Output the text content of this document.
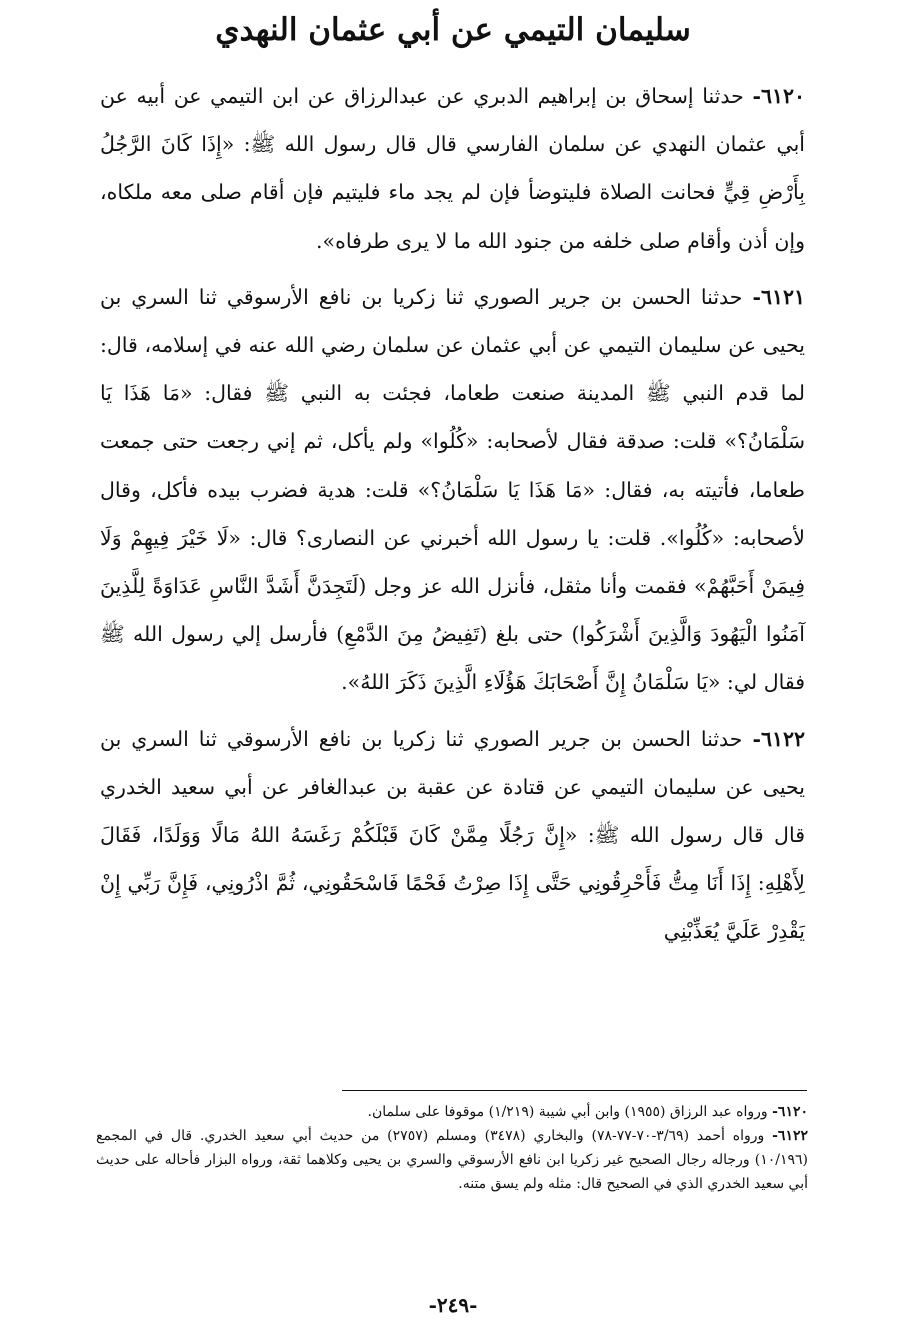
سليمان التيمي عن أبي عثمان النهدي

٦١٢٠- حدثنا إسحاق بن إبراهيم الدبري عن عبدالرزاق عن ابن التيمي عن أبيه عن أبي عثمان النهدي عن سلمان الفارسي قال قال رسول الله ﷺ: «إِذَا كَانَ الرَّجُلُ بِأَرْضِ قِيٍّ فحانت الصلاة فليتوضأ فإن لم يجد ماء فليتيم فإن أقام صلى معه ملكاه، وإن أذن وأقام صلى خلفه من جنود الله ما لا يرى طرفاه».

٦١٢١- حدثنا الحسن بن جرير الصوري ثنا زكريا بن نافع الأرسوقي ثنا السري بن يحيى عن سليمان التيمي عن أبي عثمان عن سلمان رضي الله عنه في إسلامه، قال: لما قدم النبي ﷺ المدينة صنعت طعاما، فجئت به النبي ﷺ فقال: «مَا هَذَا يَا سَلْمَانُ؟» قلت: صدقة فقال لأصحابه: «كُلُوا» ولم يأكل، ثم إني رجعت حتى جمعت طعاما، فأتيته به، فقال: «مَا هَذَا يَا سَلْمَانُ؟» قلت: هدية فضرب بيده فأكل، وقال لأصحابه: «كُلُوا». قلت: يا رسول الله أخبرني عن النصارى؟ قال: «لَا خَيْرَ فِيهِمْ وَلَا فِيمَنْ أَحَبَّهُمْ» فقمت وأنا مثقل، فأنزل الله عز وجل (لَتَجِدَنَّ أَشَدَّ النَّاسِ عَدَاوَةً لِلَّذِينَ آمَنُوا الْيَهُودَ وَالَّذِينَ أَشْرَكُوا) حتى بلغ (تَفِيضُ مِنَ الدَّمْعِ) فأرسل إلي رسول الله ﷺ فقال لي: «يَا سَلْمَانُ إِنَّ أَصْحَابَكَ هَؤُلَاءِ الَّذِينَ ذَكَرَ اللهُ».

٦١٢٢- حدثنا الحسن بن جرير الصوري ثنا زكريا بن نافع الأرسوقي ثنا السري بن يحيى عن سليمان التيمي عن قتادة عن عقبة بن عبدالغافر عن أبي سعيد الخدري قال قال رسول الله ﷺ: «إِنَّ رَجُلًا مِمَّنْ كَانَ قَبْلَكُمْ رَغَسَهُ اللهُ مَالًا وَوَلَدًا، فَقَالَ لِأَهْلِهِ: إِذَا أَنَا مِتُّ فَأَحْرِقُونِي حَتَّى إِذَا صِرْتُ فَحْمًا فَاسْحَقُونِي، ثُمَّ اذْرُونِي، فَإِنَّ رَبِّي إِنْ يَقْدِرْ عَلَيَّ يُعَذِّبْنِي

٦١٢٠- ورواه عبد الرزاق (١٩٥٥) وابن أبي شيبة (١/٢١٩) موقوفا على سلمان.

٦١٢٢- ورواه أحمد (٣/٦٩-٧٠-٧٧-٧٨) والبخاري (٣٤٧٨) ومسلم (٢٧٥٧) من حديث أبي سعيد الخدري. قال في المجمع (١٠/١٩٦) ورجاله رجال الصحيح غير زكريا ابن نافع الأرسوقي والسري بن يحيى وكلاهما ثقة، ورواه البزار فأحاله على حديث أبي سعيد الخدري الذي في الصحيح قال: مثله ولم يسق متنه.

-٢٤٩-
